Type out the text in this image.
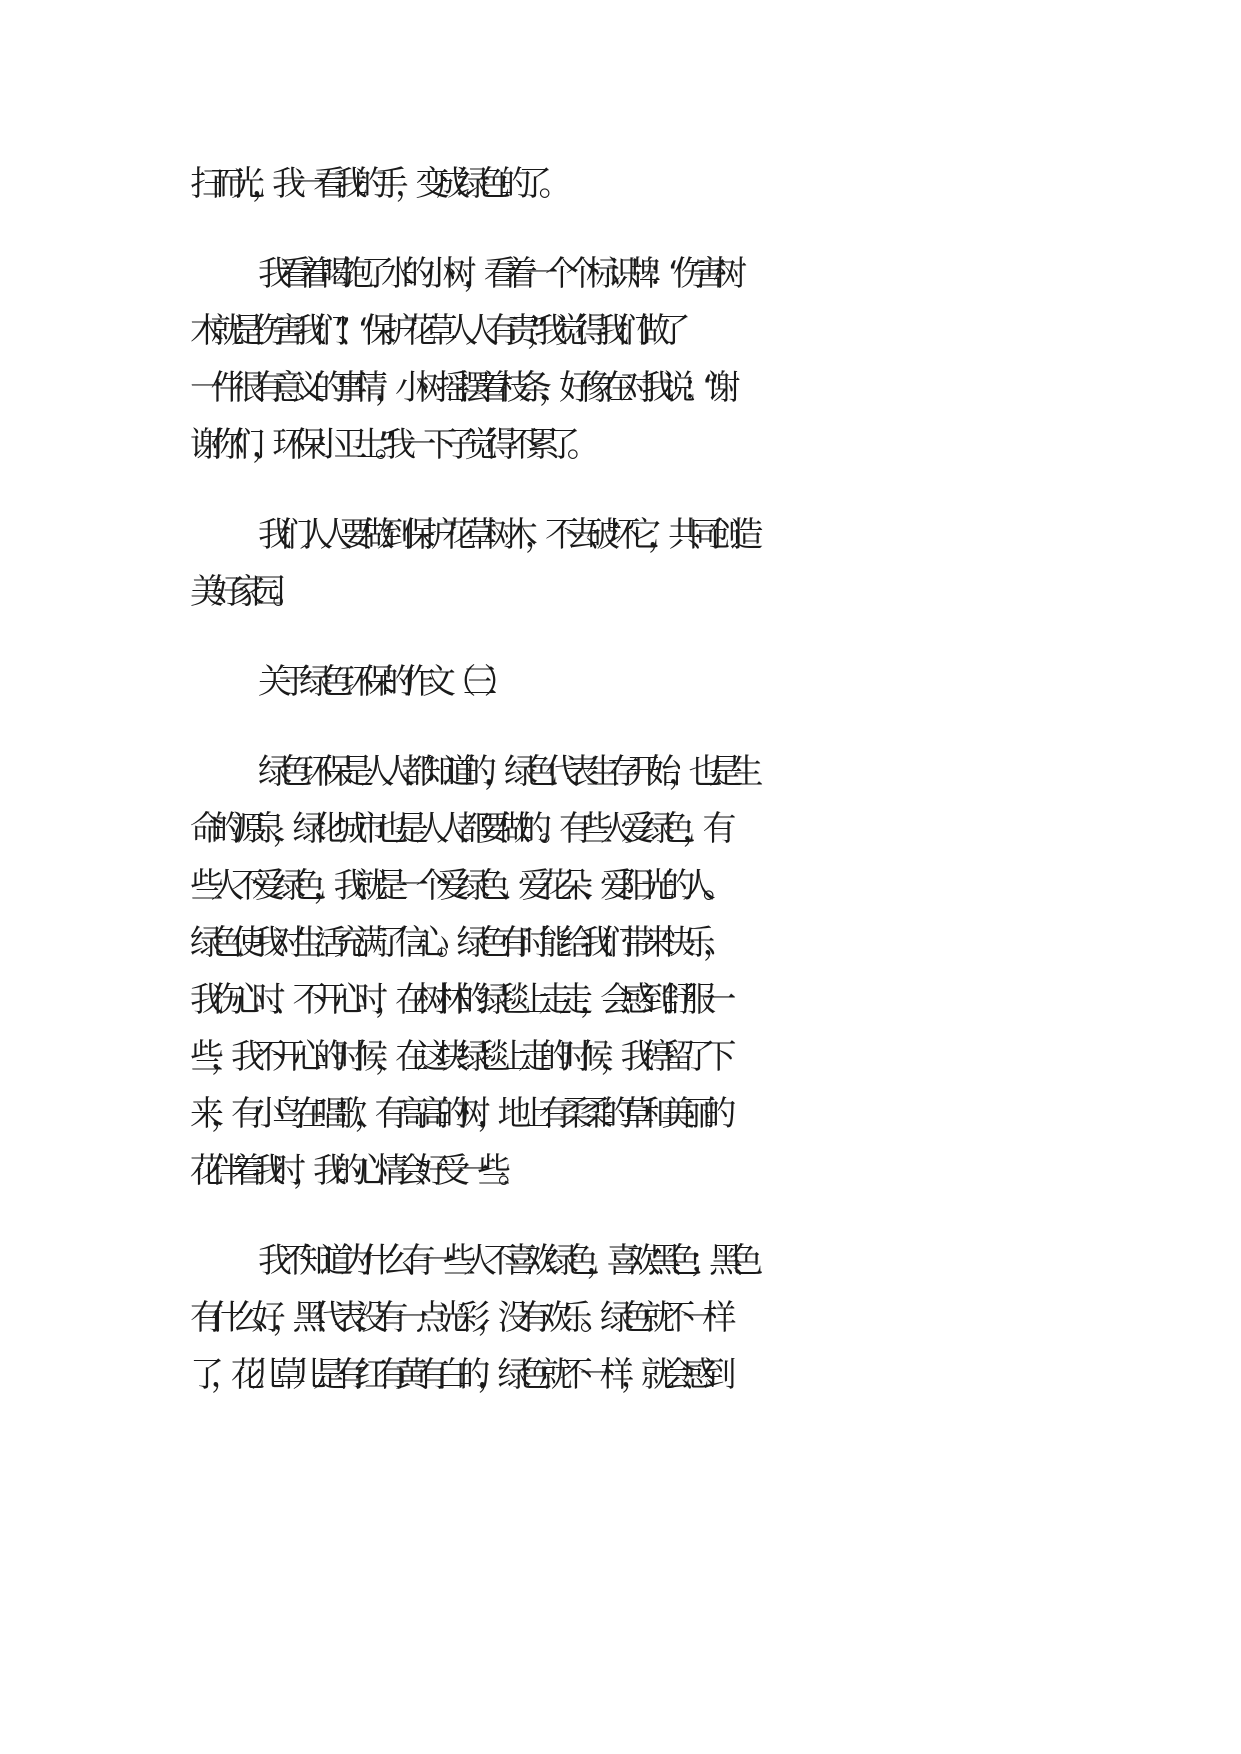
扫而光，我一看我的手，变成绿色的了。
我看着喝饱了水的小树，看着一个个标识牌：“伤害树
木就是伤害我们”、“保护花草人人有责，”我觉得我们做了
一件很有意义的事情，小树摇摆着枝条，好像在对我说：“谢
谢你们，环保小卫士。”我一下子觉得不累了。
我们人人要做到保护花草树木，不去破坏它，共同创造
美好家园。
关于绿色环保的作文（三）
绿色环保是人人都知道的，绿色代表生存开始，也是生
命的源泉，绿化城市也是人人都要做的。有些人爱绿色，有
些人不爱绿色，我就是一个爱绿色、爱花朵、爱阳光的人。
绿色使我对生活充满了信心。绿色有时能给我们带来快乐，
我伤心时、不开心时，在树林的绿毯上走走，会感到舒服一
些，我不开心的时候，在这块绿毯上走的时候，我停留了下
来，有小鸟在唱歌，有高高的树，地上有柔柔的草和美丽的
花伴着我时，我的心情会好受一些。
我不知道为什么有一些人不喜欢绿色，喜欢黑色；黑色
有什么好，黑代表没有一点光彩，没有欢乐。绿色就不一样
了，花儿草儿是有红有黄有白的，绿色就不一样，就会感到
